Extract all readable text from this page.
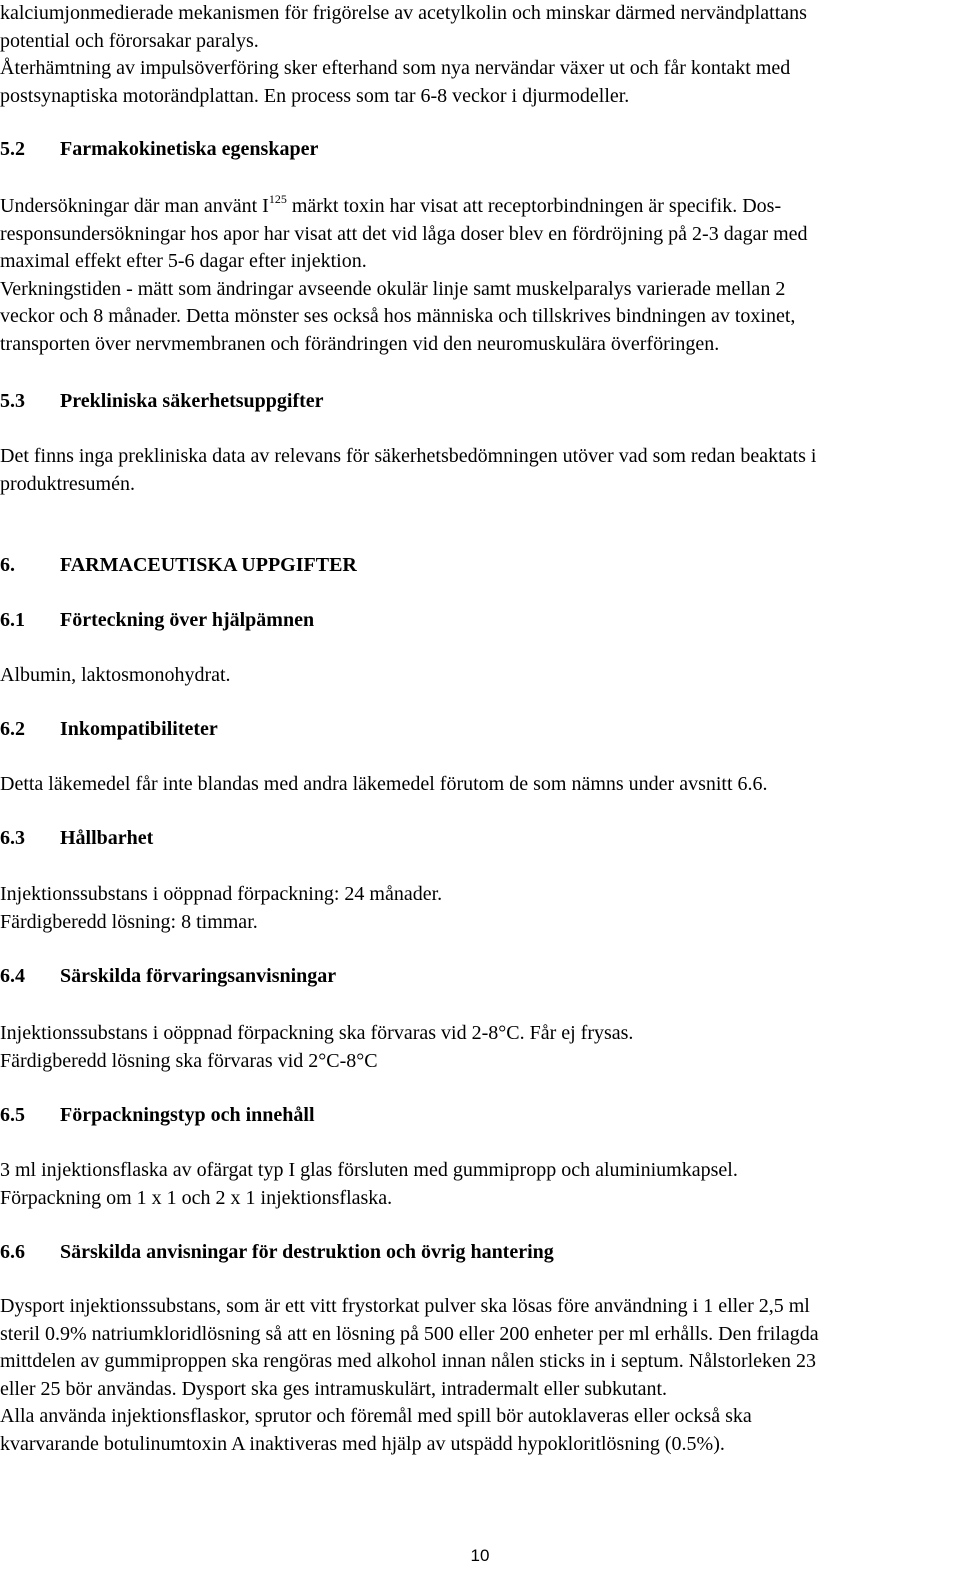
kalciumjonmedierade mekanismen för frigörelse av acetylkolin och minskar därmed nervändplattans
potential och förorsakar paralys.
Återhämtning av impulsöverföring sker efterhand som nya nervändar växer ut och får kontakt med
postsynaptiska motorändplattan. En process som tar 6-8 veckor i djurmodeller.
5.2 Farmakokinetiska egenskaper
Undersökningar där man använt $I^{125}$ märkt toxin har visat att receptorbindningen är specifik. Dos-
responsundersökningar hos apor har visat att det vid låga doser blev en fördröjning på 2-3 dagar med
maximal effekt efter 5-6 dagar efter injektion.
Verkningstiden - mätt som ändringar avseende okulär linje samt muskelparalys varierade mellan 2
veckor och 8 månader. Detta mönster ses också hos människa och tillskrives bindningen av toxinet,
transporten över nervmembranen och förändringen vid den neuromuskulära överföringen.
5.3 Prekliniska säkerhetsuppgifter
Det finns inga prekliniska data av relevans för säkerhetsbedömningen utöver vad som redan beaktats i
produktresumén.
6. FARMACEUTISKA UPPGIFTER
6.1 Förteckning över hjälpämnen
Albumin, laktosmonohydrat.
6.2 Inkompatibiliteter
Detta läkemedel får inte blandas med andra läkemedel förutom de som nämns under avsnitt 6.6.
6.3 Hållbarhet
Injektionssubstans i oöppnad förpackning: 24 månader.
Färdigberedd lösning: 8 timmar.
6.4 Särskilda förvaringsanvisningar
Injektionssubstans i oöppnad förpackning ska förvaras vid 2-8°C. Får ej frysas.
Färdigberedd lösning ska förvaras vid 2°C-8°C
6.5 Förpackningstyp och innehåll
3 ml injektionsflaska av ofärgat typ I glas försluten med gummipropp och aluminiumkapsel.
Förpackning om 1 x 1 och 2 x 1 injektionsflaska.
6.6 Särskilda anvisningar för destruktion och övrig hantering
Dysport injektionssubstans, som är ett vitt frystorkat pulver ska lösas före användning i 1 eller 2,5 ml
steril 0.9% natriumkloridlösning så att en lösning på 500 eller 200 enheter per ml erhålls. Den frilagda
mittdelen av gummiproppen ska rengöras med alkohol innan nålen sticks in i septum. Nålstorleken 23
eller 25 bör användas. Dysport ska ges intramuskulärt, intradermalt eller subkutant.
Alla använda injektionsflaskor, sprutor och föremål med spill bör autoklaveras eller också ska
kvarvarande botulinumtoxin A inaktiveras med hjälp av utspädd hypokloritlösning (0.5%).
10
